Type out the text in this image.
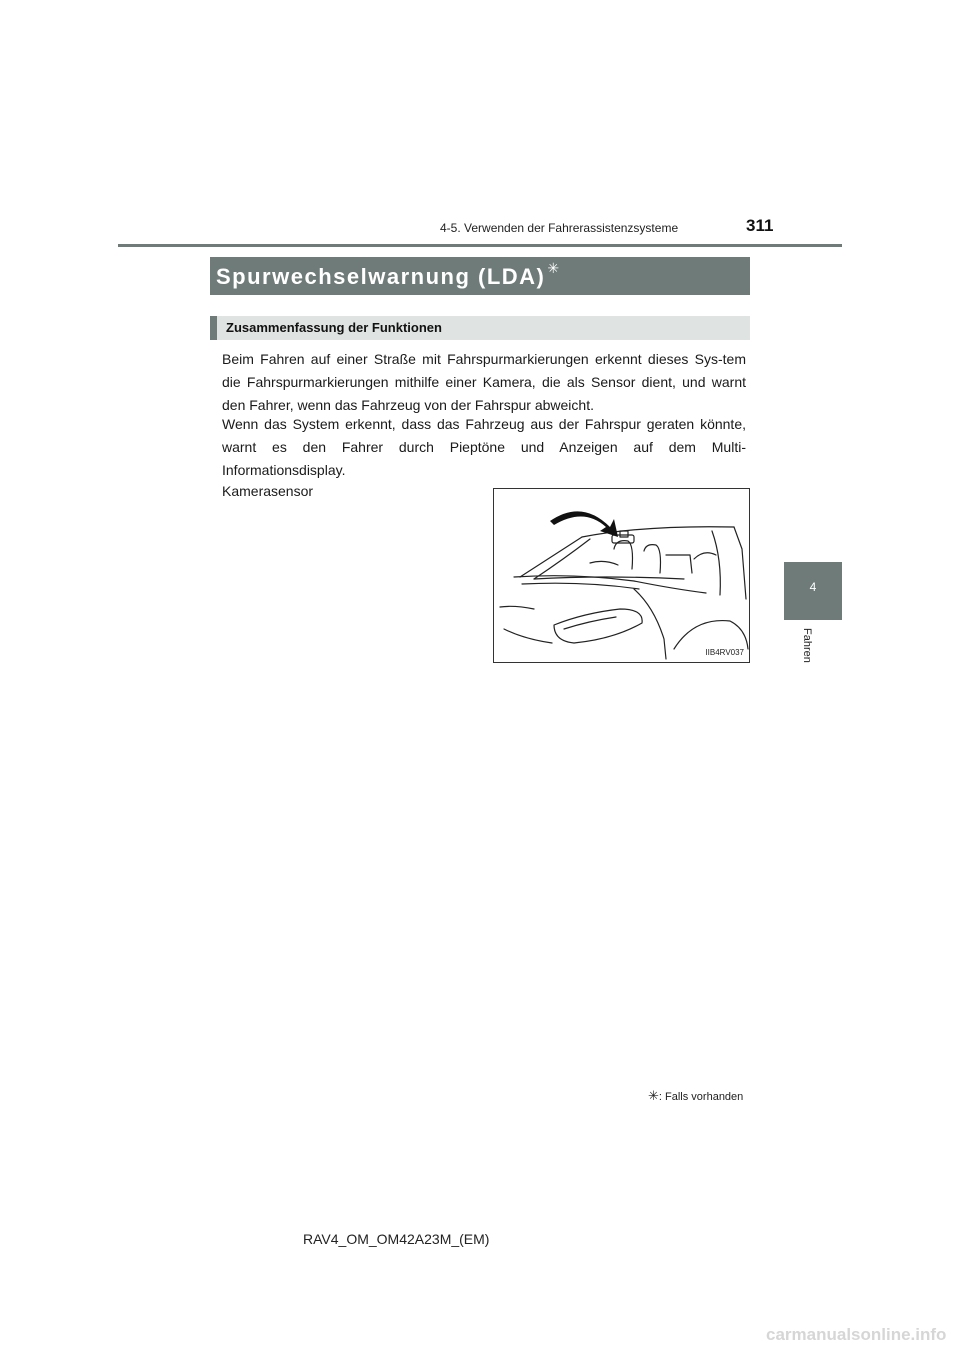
4-5. Verwenden der Fahrerassistenzsysteme	311
Spurwechselwarnung (LDA) ✳
Zusammenfassung der Funktionen

Beim Fahren auf einer Straße mit Fahrspurmarkierungen erkennt dieses Sys-tem die Fahrspurmarkierungen mithilfe einer Kamera, die als Sensor dient, und warnt den Fahrer, wenn das Fahrzeug von der Fahrspur abweicht.

Wenn das System erkennt, dass das Fahrzeug aus der Fahrspur geraten könnte, warnt es den Fahrer durch Pieptöne und Anzeigen auf dem Multi-Informationsdisplay.

Kamerasensor
IIB4RV037
4
Fahren
✳: Falls vorhanden
RAV4_OM_OM42A23M_(EM)
carmanualsonline.info
